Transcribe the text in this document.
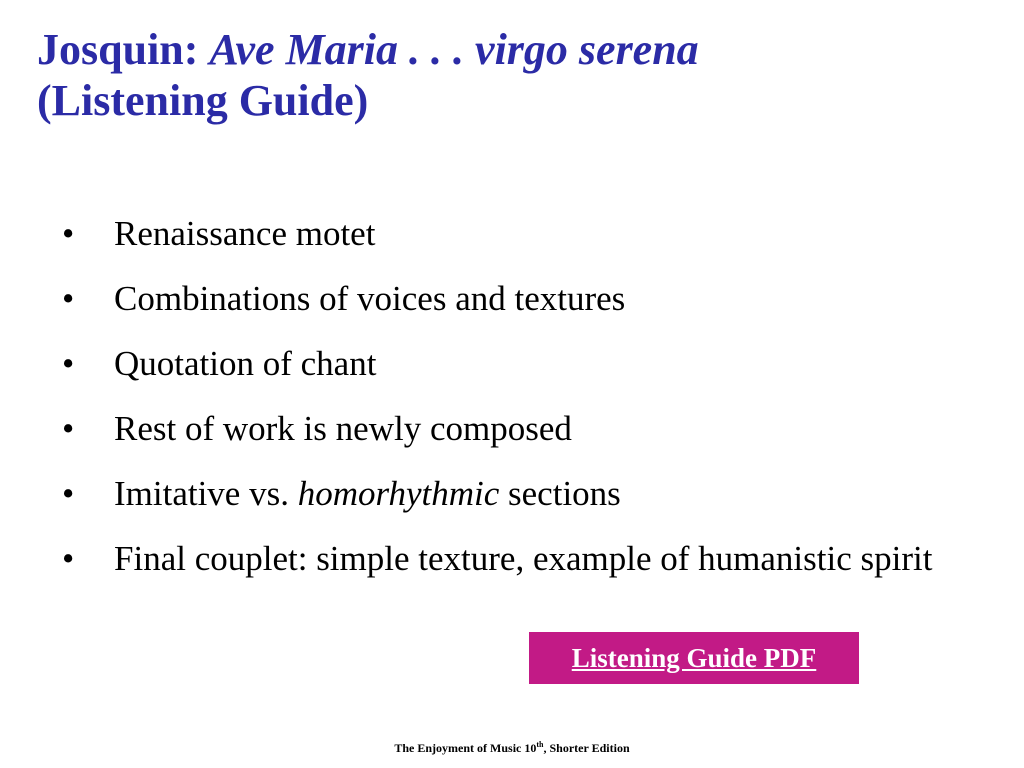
Josquin: Ave Maria . . . virgo serena
(Listening Guide)
• Renaissance motet
• Combinations of voices and textures
• Quotation of chant
• Rest of work is newly composed
• Imitative vs. homorhythmic sections
• Final couplet: simple texture, example of humanistic spirit
Listening Guide PDF
The Enjoyment of Music 10th, Shorter Edition
